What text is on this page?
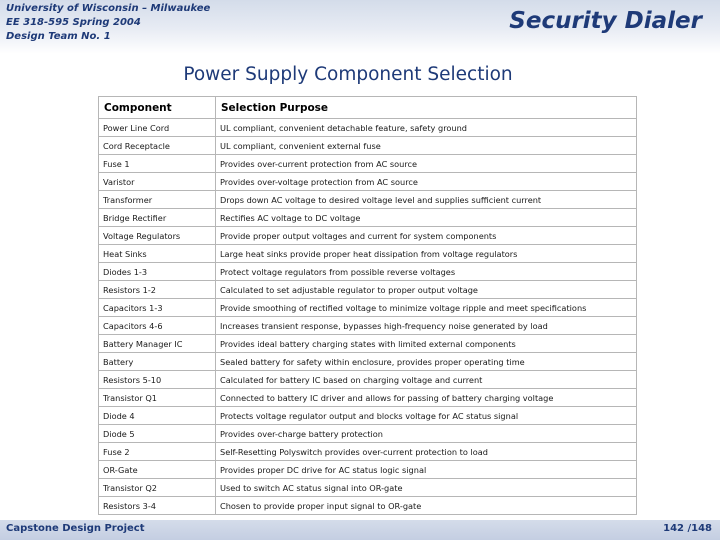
University of Wisconsin – Milwaukee
EE 318-595 Spring 2004
Design Team No. 1
Security Dialer
Power Supply Component Selection
Component	Selection Purpose
Power Line Cord	UL compliant, convenient detachable feature, safety ground
Cord Receptacle	UL compliant, convenient external fuse
Fuse 1	Provides over-current protection from AC source
Varistor	Provides over-voltage protection from AC source
Transformer	Drops down AC voltage to desired voltage level and supplies sufficient current
Bridge Rectifier	Rectifies AC voltage to DC voltage
Voltage Regulators	Provide proper output voltages and current for system components
Heat Sinks	Large heat sinks provide proper heat dissipation from voltage regulators
Diodes 1-3	Protect voltage regulators from possible reverse voltages
Resistors 1-2	Calculated to set adjustable regulator to proper output voltage
Capacitors 1-3	Provide smoothing of rectified voltage to minimize voltage ripple and meet specifications
Capacitors 4-6	Increases transient response, bypasses high-frequency noise generated by load
Battery Manager IC	Provides ideal battery charging states with limited external components
Battery	Sealed battery for safety within enclosure, provides proper operating time
Resistors 5-10	Calculated for battery IC based on charging voltage and current
Transistor Q1	Connected to battery IC driver and allows for passing of battery charging voltage
Diode 4	Protects voltage regulator output and blocks voltage for AC status signal
Diode 5	Provides over-charge battery protection
Fuse 2	Self-Resetting Polyswitch provides over-current protection to load
OR-Gate	Provides proper DC drive for AC status logic signal
Transistor Q2	Used to switch AC status signal into OR-gate
Resistors 3-4	Chosen to provide proper input signal to OR-gate
Capstone Design Project	142 /148
